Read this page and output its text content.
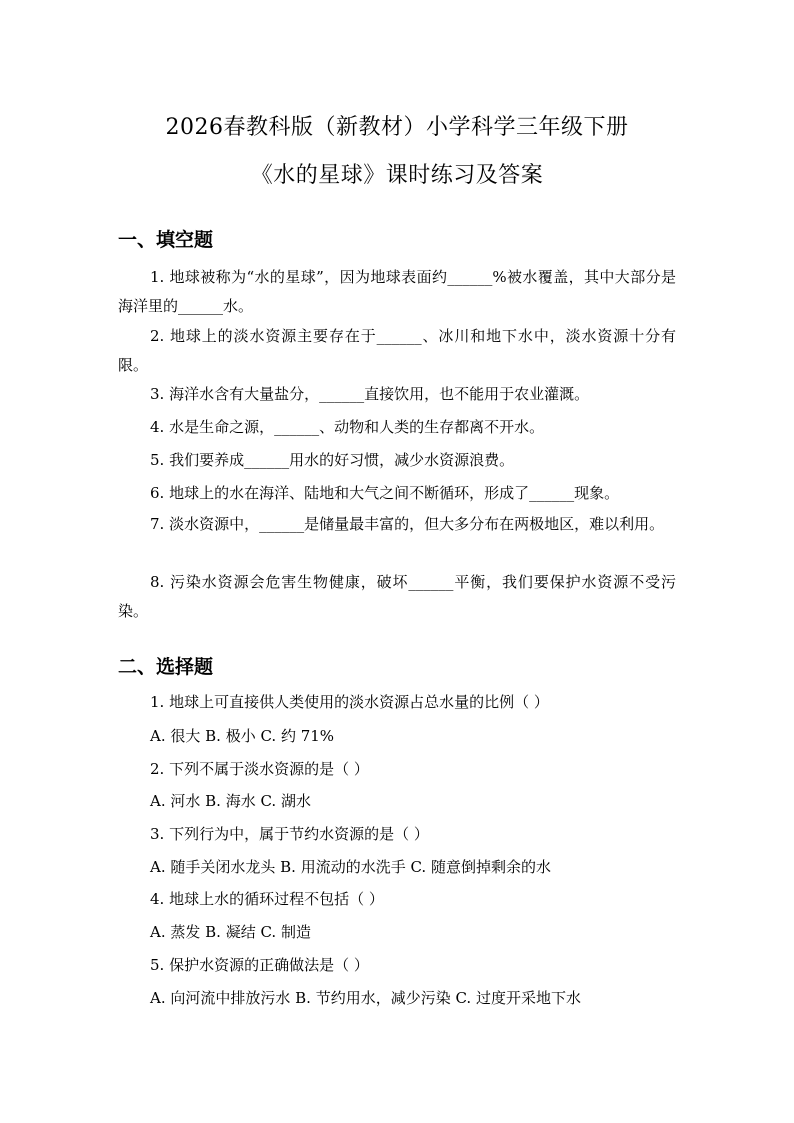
2026春教科版（新教材）小学科学三年级下册
《水的星球》课时练习及答案
一、填空题
1. 地球被称为“水的星球”，因为地球表面约______%被水覆盖，其中大部分是海洋里的______水。
2. 地球上的淡水资源主要存在于______、冰川和地下水中，淡水资源十分有限。
3. 海洋水含有大量盐分，______直接饮用，也不能用于农业灌溉。
4. 水是生命之源，______、动物和人类的生存都离不开水。
5. 我们要养成______用水的好习惯，减少水资源浪费。
6. 地球上的水在海洋、陆地和大气之间不断循环，形成了______现象。
7. 淡水资源中，______是储量最丰富的，但大多分布在两极地区，难以利用。
8. 污染水资源会危害生物健康，破坏______平衡，我们要保护水资源不受污染。
二、选择题
1. 地球上可直接供人类使用的淡水资源占总水量的比例（ ）
A. 很大 B. 极小 C. 约 71%
2. 下列不属于淡水资源的是（ ）
A. 河水 B. 海水 C. 湖水
3. 下列行为中，属于节约水资源的是（ ）
A. 随手关闭水龙头 B. 用流动的水洗手 C. 随意倒掉剩余的水
4. 地球上水的循环过程不包括（ ）
A. 蒸发 B. 凝结 C. 制造
5. 保护水资源的正确做法是（ ）
A. 向河流中排放污水 B. 节约用水，减少污染 C. 过度开采地下水
